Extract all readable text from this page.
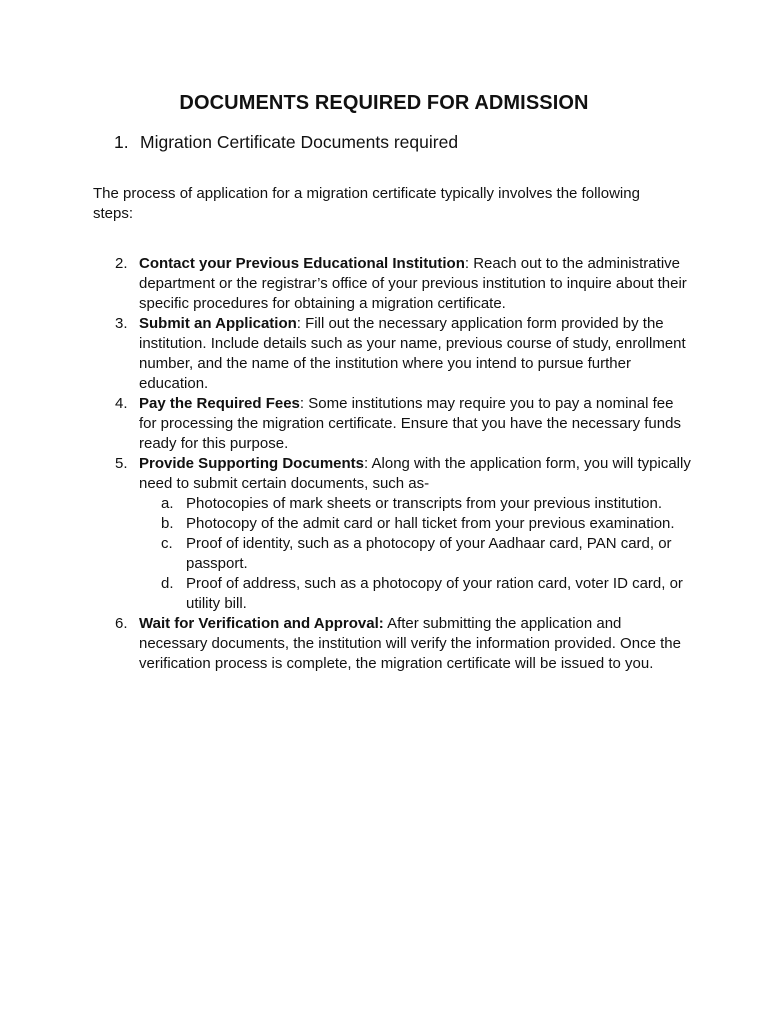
DOCUMENTS REQUIRED FOR ADMISSION
1. Migration Certificate Documents required

The process of application for a migration certificate typically involves the following steps:

2. Contact your Previous Educational Institution: Reach out to the administrative department or the registrar’s office of your previous institution to inquire about their specific procedures for obtaining a migration certificate.

3. Submit an Application: Fill out the necessary application form provided by the institution. Include details such as your name, previous course of study, enrollment number, and the name of the institution where you intend to pursue further education.

4. Pay the Required Fees: Some institutions may require you to pay a nominal fee for processing the migration certificate. Ensure that you have the necessary funds ready for this purpose.

5. Provide Supporting Documents: Along with the application form, you will typically need to submit certain documents, such as-

a. Photocopies of mark sheets or transcripts from your previous institution.

b. Photocopy of the admit card or hall ticket from your previous examination.

c. Proof of identity, such as a photocopy of your Aadhaar card, PAN card, or passport.

d. Proof of address, such as a photocopy of your ration card, voter ID card, or utility bill.

6. Wait for Verification and Approval: After submitting the application and necessary documents, the institution will verify the information provided. Once the verification process is complete, the migration certificate will be issued to you.
